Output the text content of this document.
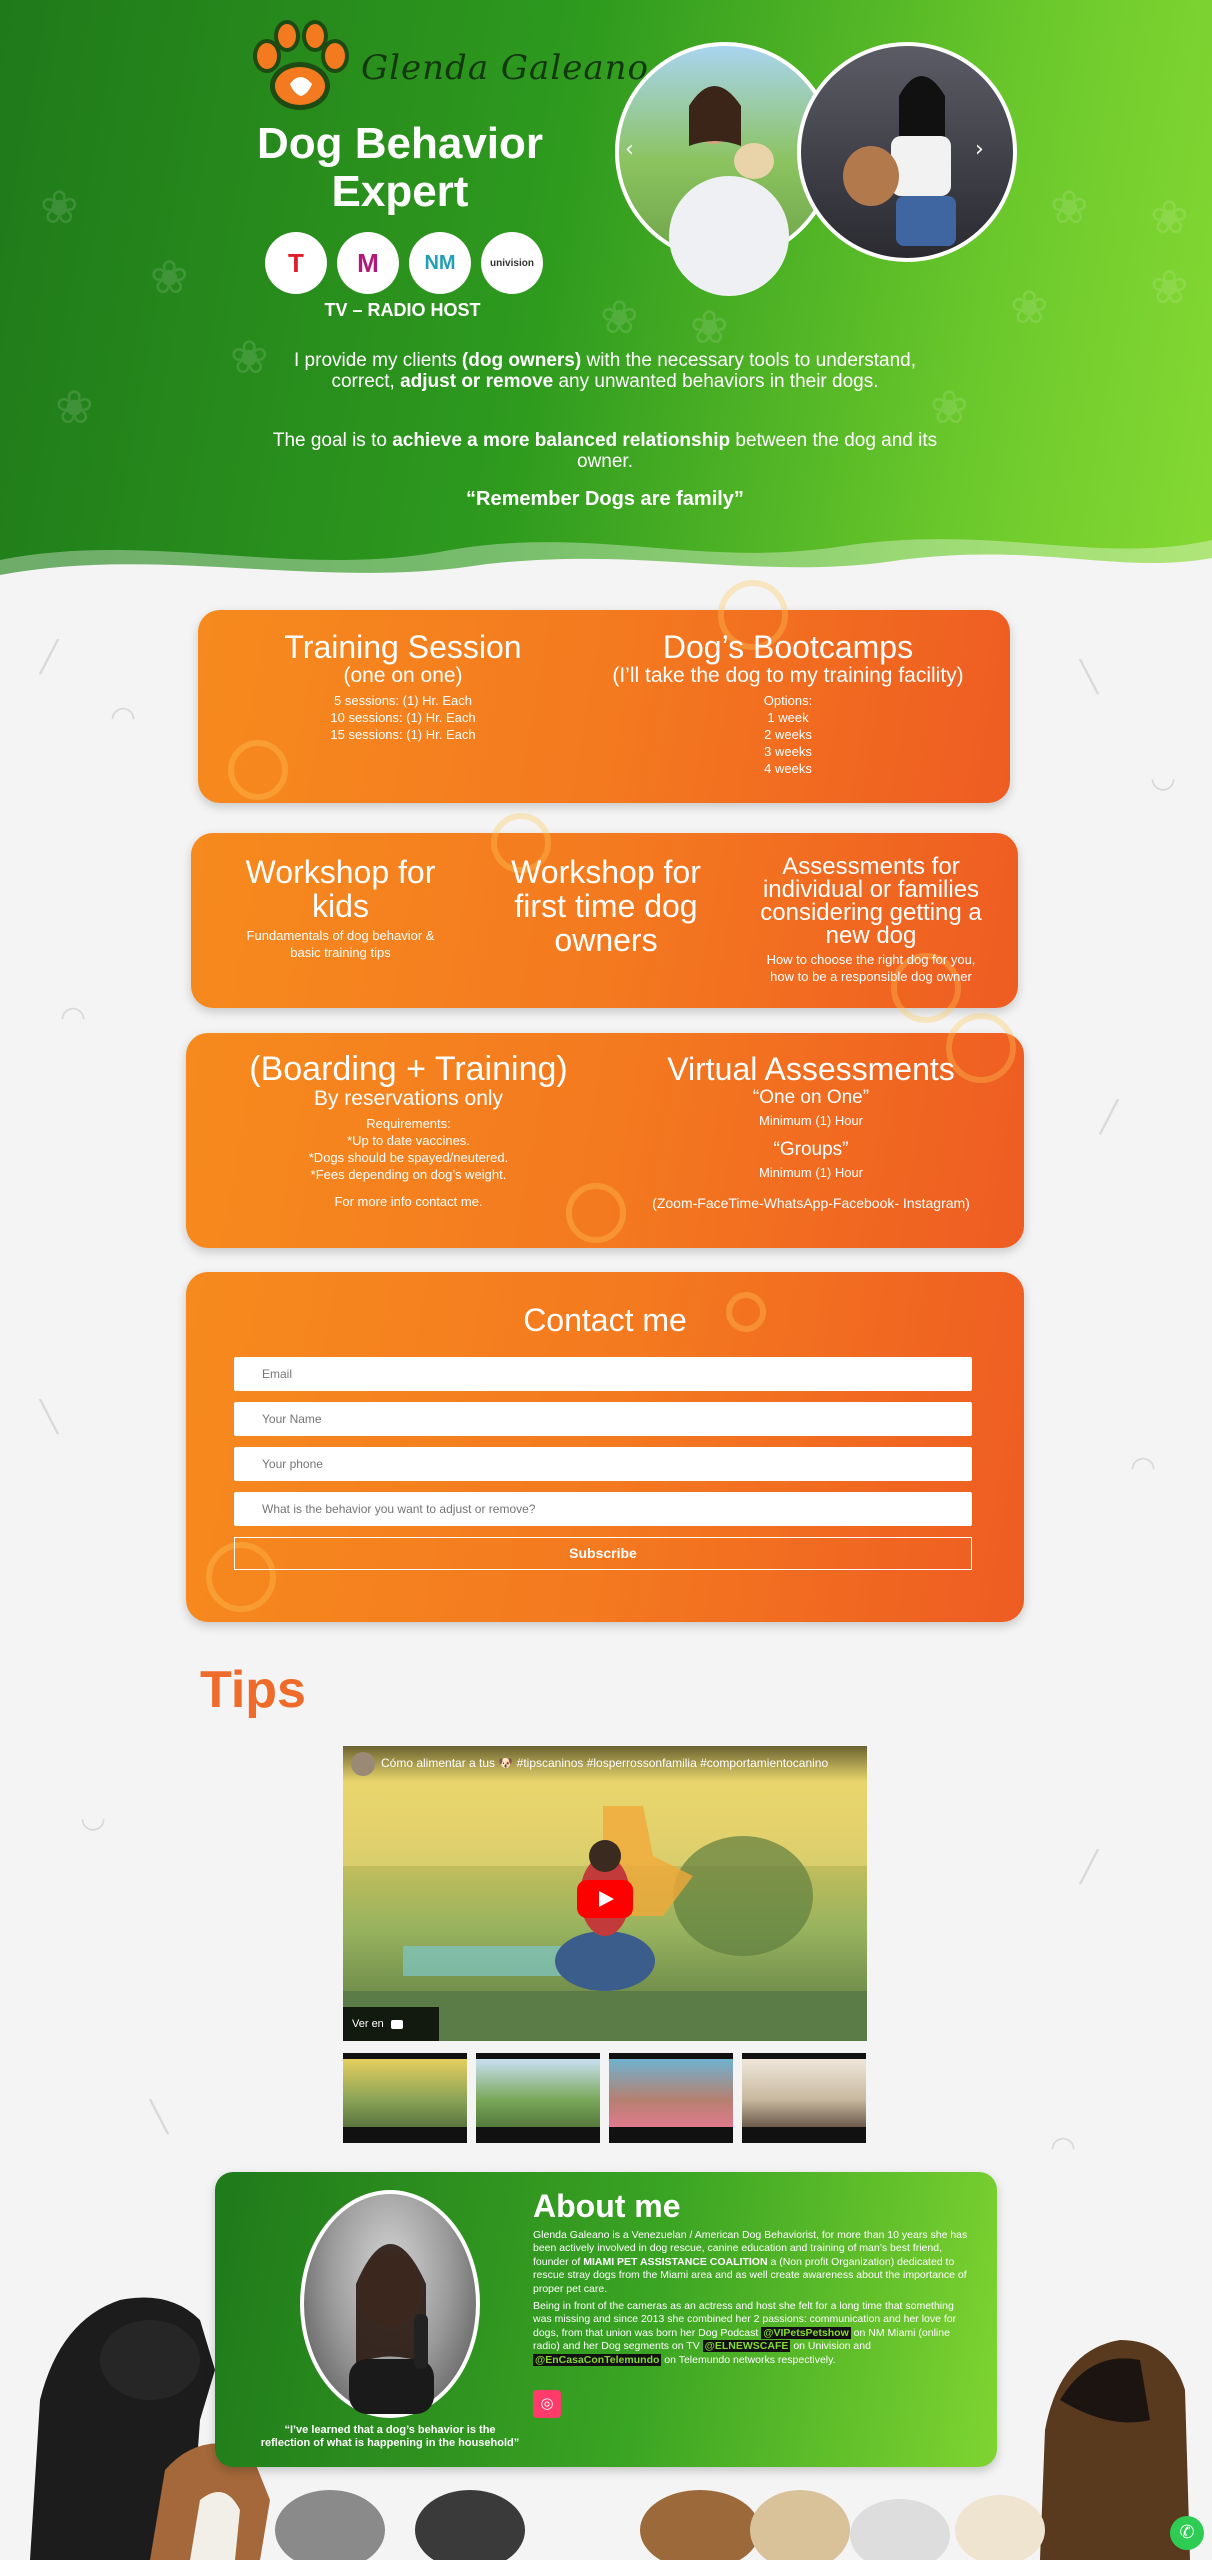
❀
❀
❀
❀
❀ ❀
❀ ❀
❀ ❀
❀
Glenda Galeano
Dog Behavior
Expert
T	M	NM	univision
TV – RADIO HOST
‹	›

I provide my clients (dog owners) with the necessary tools to understand, correct, adjust or remove any unwanted behaviors in their dogs.

The goal is to achieve a more balanced relationship between the dog and its owner.

“Remember Dogs are family”
╱
◠
╲
◡
◠
╱
╲
◠
◡
╱
╲
◠
Training Session
(one on one)
5 sessions: (1) Hr. Each
10 sessions: (1) Hr. Each
15 sessions: (1) Hr. Each
Dog’s Bootcamps
(I’ll take the dog to my training facility)
Options:
1 week
2 weeks
3 weeks
4 weeks
Workshop for
kids
Fundamentals of dog behavior & basic training tips
Workshop for
first time dog
owners
Assessments for
individual or families
considering getting a
new dog
How to choose the right dog for you,
how to be a responsible dog owner
(Boarding + Training)
By reservations only
Requirements:
*Up to date vaccines.
*Dogs should be spayed/neutered.
*Fees depending on dog’s weight.
For more info contact me.
Virtual Assessments
“One on One”
Minimum (1) Hour
“Groups”
Minimum (1) Hour
(Zoom-FaceTime-WhatsApp-Facebook- Instagram)
Contact me
Email
Your Name
Your phone
What is the behavior you want to adjust or remove?
Subscribe
Tips
Cómo alimentar a tus 🐶 #tipscaninos #losperrossonfamilia #comportamientocanino
Ver en
“I’ve learned that a dog’s behavior is the
reflection of what is happening in the household”
About me

Glenda Galeano is a Venezuelan / American Dog Behaviorist, for more than 10 years she has been actively involved in dog rescue, canine education and training of man’s best friend, founder of MIAMI PET ASSISTANCE COALITION a (Non profit Organization) dedicated to rescue stray dogs from the Miami area and as well create awareness about the importance of proper pet care.

Being in front of the cameras as an actress and host she felt for a long time that something was missing and since 2013 she combined her 2 passions: communication and her love for dogs, from that union was born her Dog Podcast @VIPetsPetshow on NM Miami (online radio) and her Dog segments on TV @ELNEWSCAFE on Univision and @EnCasaConTelemundo on Telemundo networks respectively.

◎
✆
